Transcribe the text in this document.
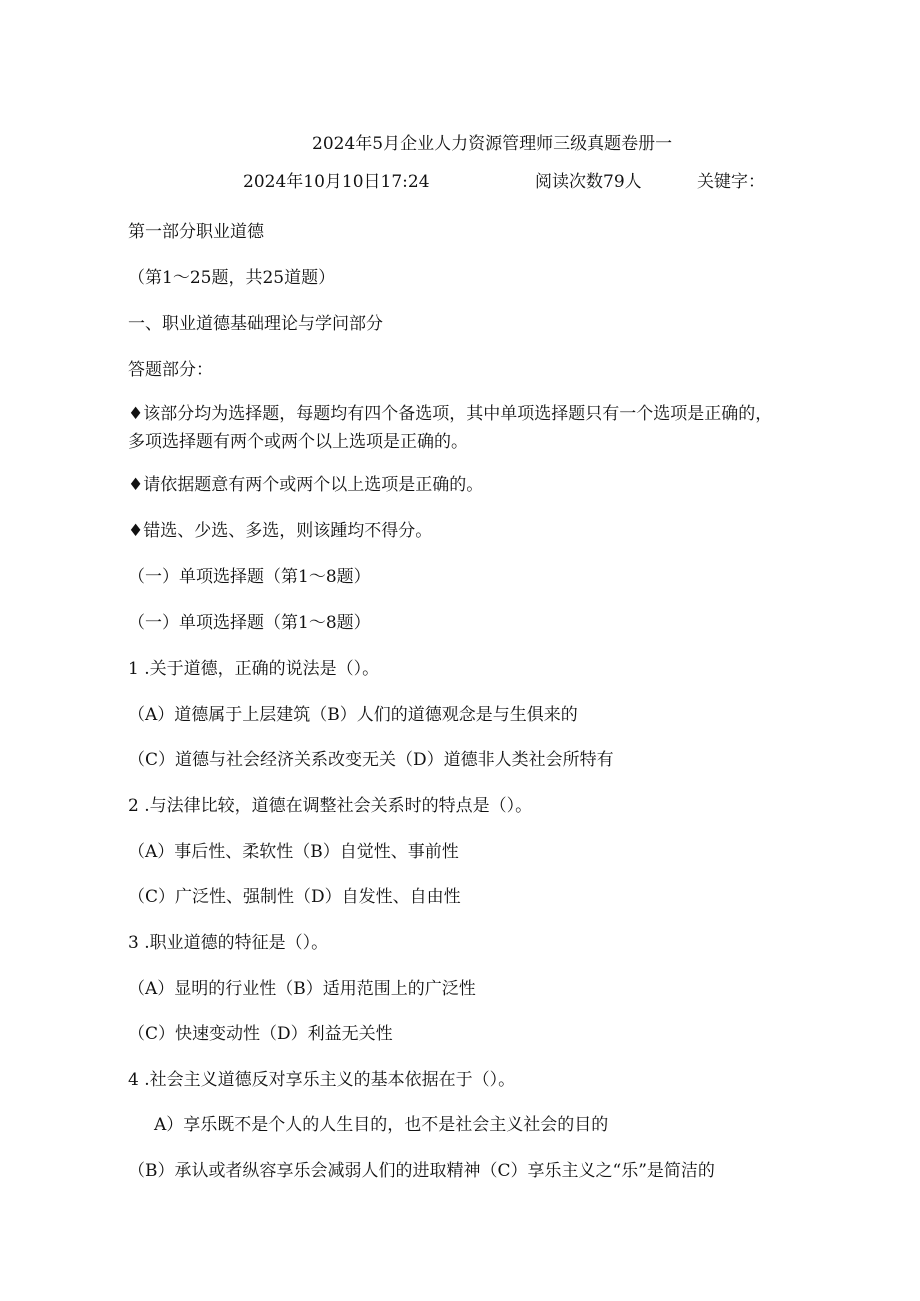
2024年5月企业人力资源管理师三级真题卷册一
2024年10月10日17:24	阅读次数79人	关键字：
第一部分职业道德
（第1～25题，共25道题）
一、职业道德基础理论与学问部分
答题部分：
♦该部分均为选择题，每题均有四个备选项，其中单项选择题只有一个选项是正确的，多项选择题有两个或两个以上选项是正确的。
♦请依据题意有两个或两个以上选项是正确的。
♦错选、少选、多选，则该踵均不得分。
（一）单项选择题（第1～8题）
（一）单项选择题（第1～8题）
1 .关于道德，正确的说法是（）。
（A）道德属于上层建筑（B）人们的道德观念是与生俱来的
（C）道德与社会经济关系改变无关（D）道德非人类社会所特有
2 .与法律比较，道德在调整社会关系时的特点是（）。
（A）事后性、柔软性（B）自觉性、事前性
（C）广泛性、强制性（D）自发性、自由性
3 .职业道德的特征是（）。
（A）显明的行业性（B）适用范围上的广泛性
（C）快速变动性（D）利益无关性
4 .社会主义道德反对享乐主义的基本依据在于（）。
A）享乐既不是个人的人生目的，也不是社会主义社会的目的
（B）承认或者纵容享乐会减弱人们的进取精神（C）享乐主义之“乐”是简洁的
